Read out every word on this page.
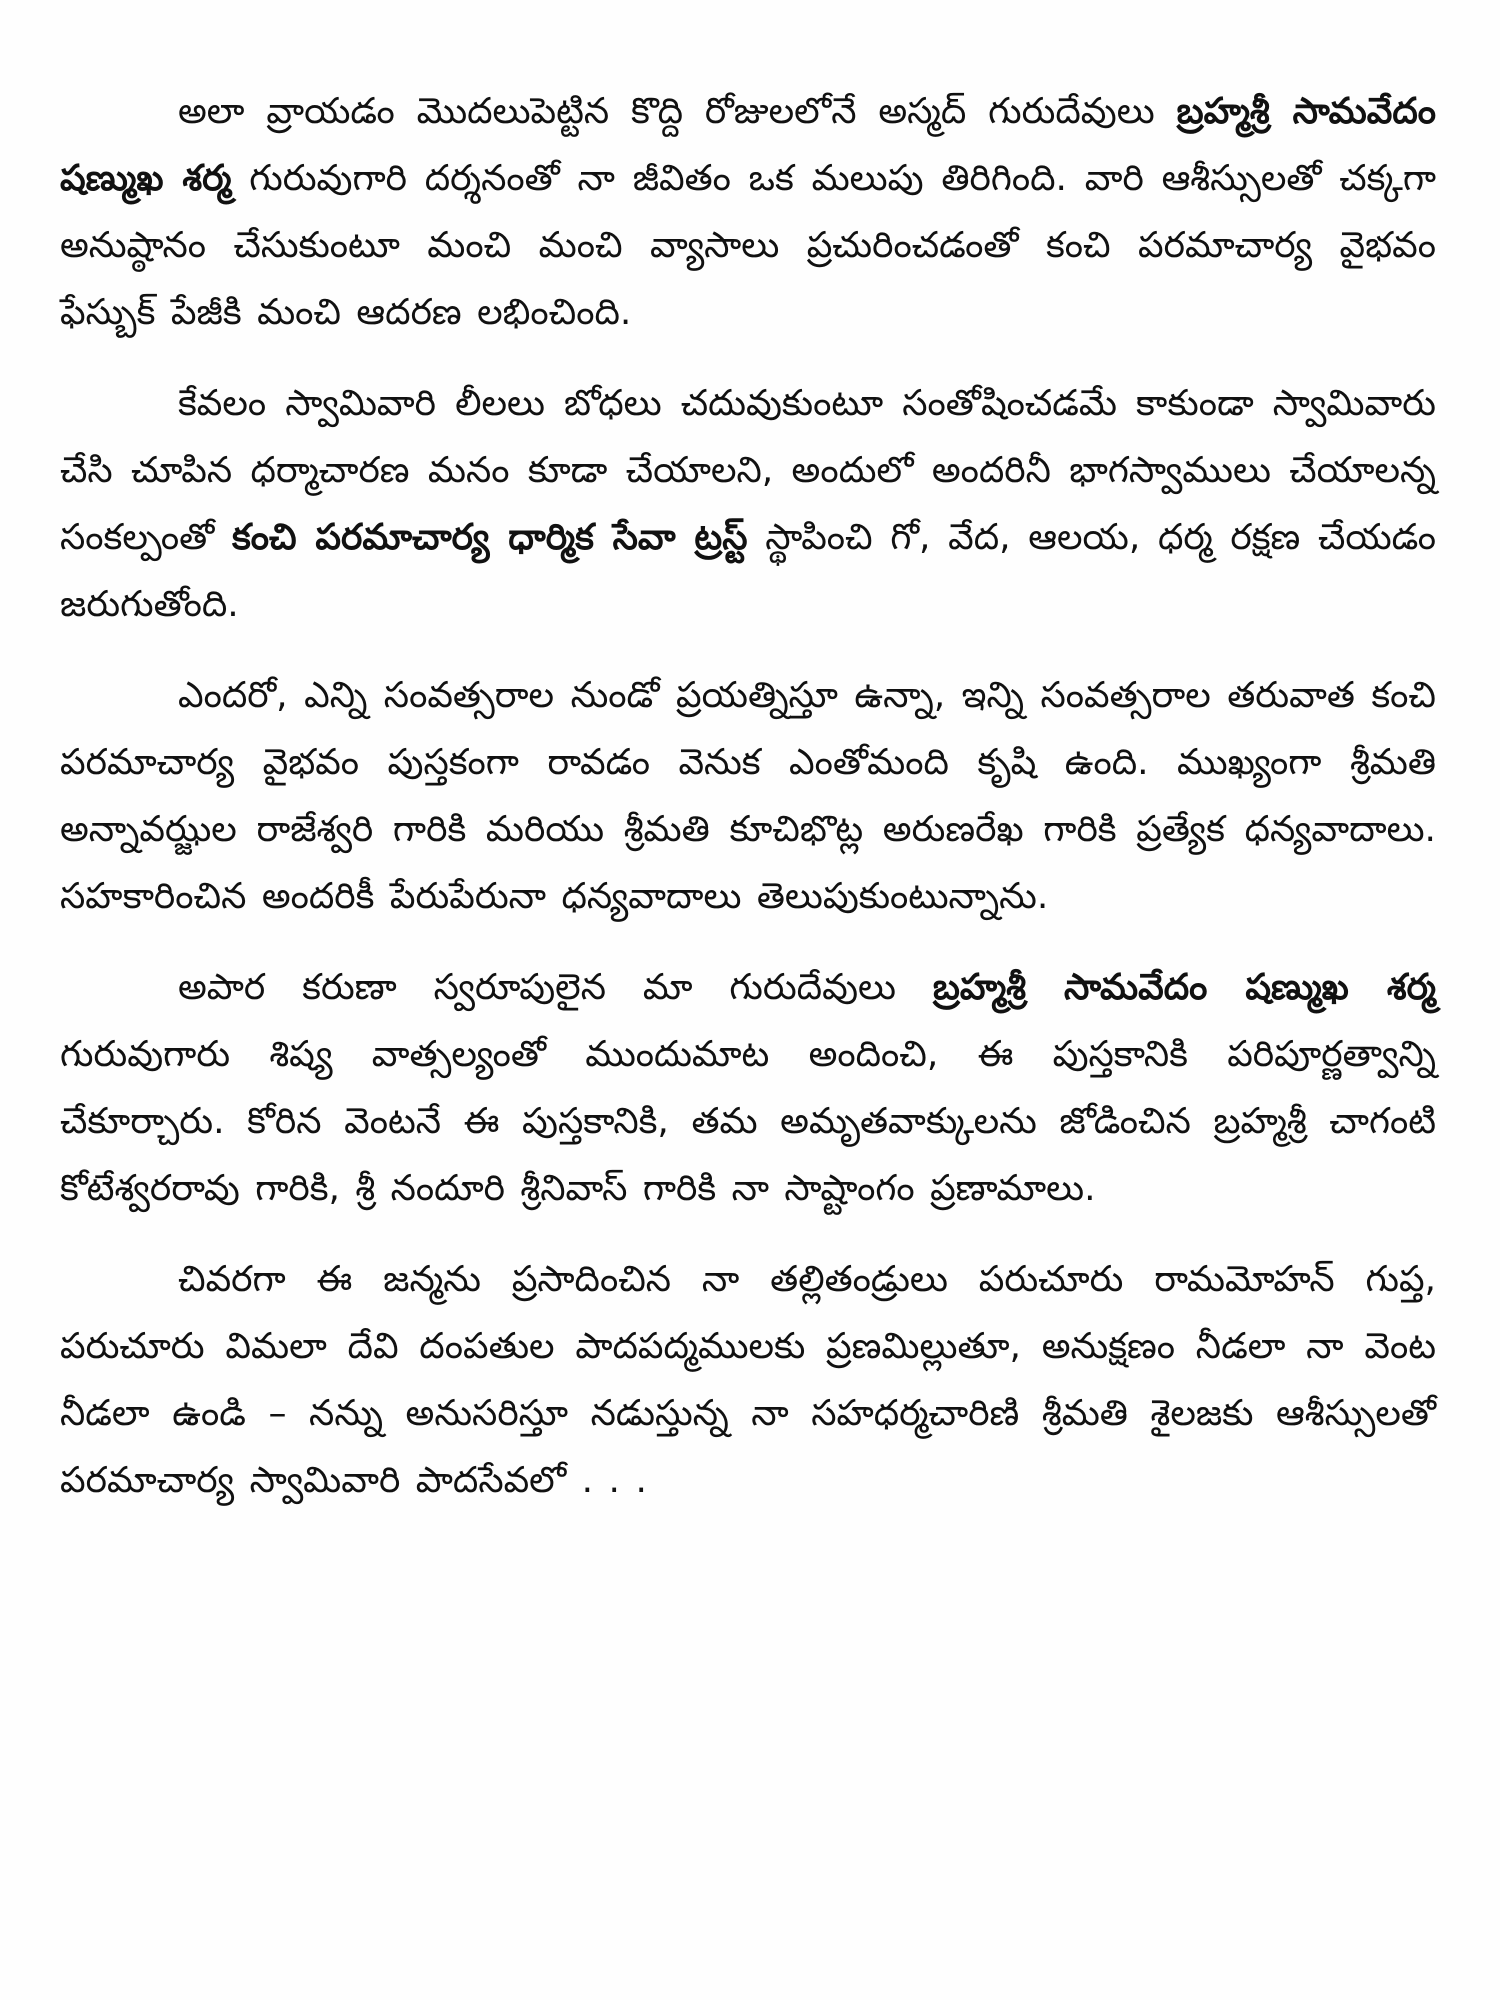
అలా వ్రాయడం మొదలుపెట్టిన కొద్ది రోజులలోనే అస్మద్ గురుదేవులు బ్రహ్మశ్రీ సామవేదం షణ్ముఖ శర్మ గురువుగారి దర్శనంతో నా జీవితం ఒక మలుపు తిరిగింది. వారి ఆశీస్సులతో చక్కగా అనుష్ఠానం చేసుకుంటూ మంచి మంచి వ్యాసాలు ప్రచురించడంతో కంచి పరమాచార్య వైభవం ఫేస్బుక్ పేజీకి మంచి ఆదరణ లభించింది.

కేవలం స్వామివారి లీలలు బోధలు చదువుకుంటూ సంతోషించడమే కాకుండా స్వామివారు చేసి చూపిన ధర్మాచారణ మనం కూడా చేయాలని, అందులో అందరినీ భాగస్వాములు చేయాలన్న సంకల్పంతో కంచి పరమాచార్య ధార్మిక సేవా ట్రస్ట్ స్థాపించి గో, వేద, ఆలయ, ధర్మ రక్షణ చేయడం జరుగుతోంది.

ఎందరో, ఎన్ని సంవత్సరాల నుండో ప్రయత్నిస్తూ ఉన్నా, ఇన్ని సంవత్సరాల తరువాత కంచి పరమాచార్య వైభవం పుస్తకంగా రావడం వెనుక ఎంతోమంది కృషి ఉంది. ముఖ్యంగా శ్రీమతి అన్నావఝ్జల రాజేశ్వరి గారికి మరియు శ్రీమతి కూచిభొట్ల అరుణరేఖ గారికి ప్రత్యేక ధన్యవాదాలు. సహకారించిన అందరికీ పేరుపేరునా ధన్యవాదాలు తెలుపుకుంటున్నాను.

అపార కరుణా స్వరూపులైన మా గురుదేవులు బ్రహ్మశ్రీ సామవేదం షణ్ముఖ శర్మ గురువుగారు శిష్య వాత్సల్యంతో ముందుమాట అందించి, ఈ పుస్తకానికి పరిపూర్ణత్వాన్ని చేకూర్చారు. కోరిన వెంటనే ఈ పుస్తకానికి, తమ అమృతవాక్కులను జోడించిన బ్రహ్మశ్రీ చాగంటి కోటేశ్వరరావు గారికి, శ్రీ నందూరి శ్రీనివాస్ గారికి నా సాష్టాంగం ప్రణామాలు.

చివరగా ఈ జన్మను ప్రసాదించిన నా తల్లితండ్రులు పరుచూరు రామమోహన్ గుప్త, పరుచూరు విమలా దేవి దంపతుల పాదపద్మములకు ప్రణమిల్లుతూ, అనుక్షణం నీడలా నా వెంట నీడలా ఉండి – నన్ను అనుసరిస్తూ నడుస్తున్న నా సహధర్మచారిణి శ్రీమతి శైలజకు ఆశీస్సులతో పరమాచార్య స్వామివారి పాదసేవలో . . .
